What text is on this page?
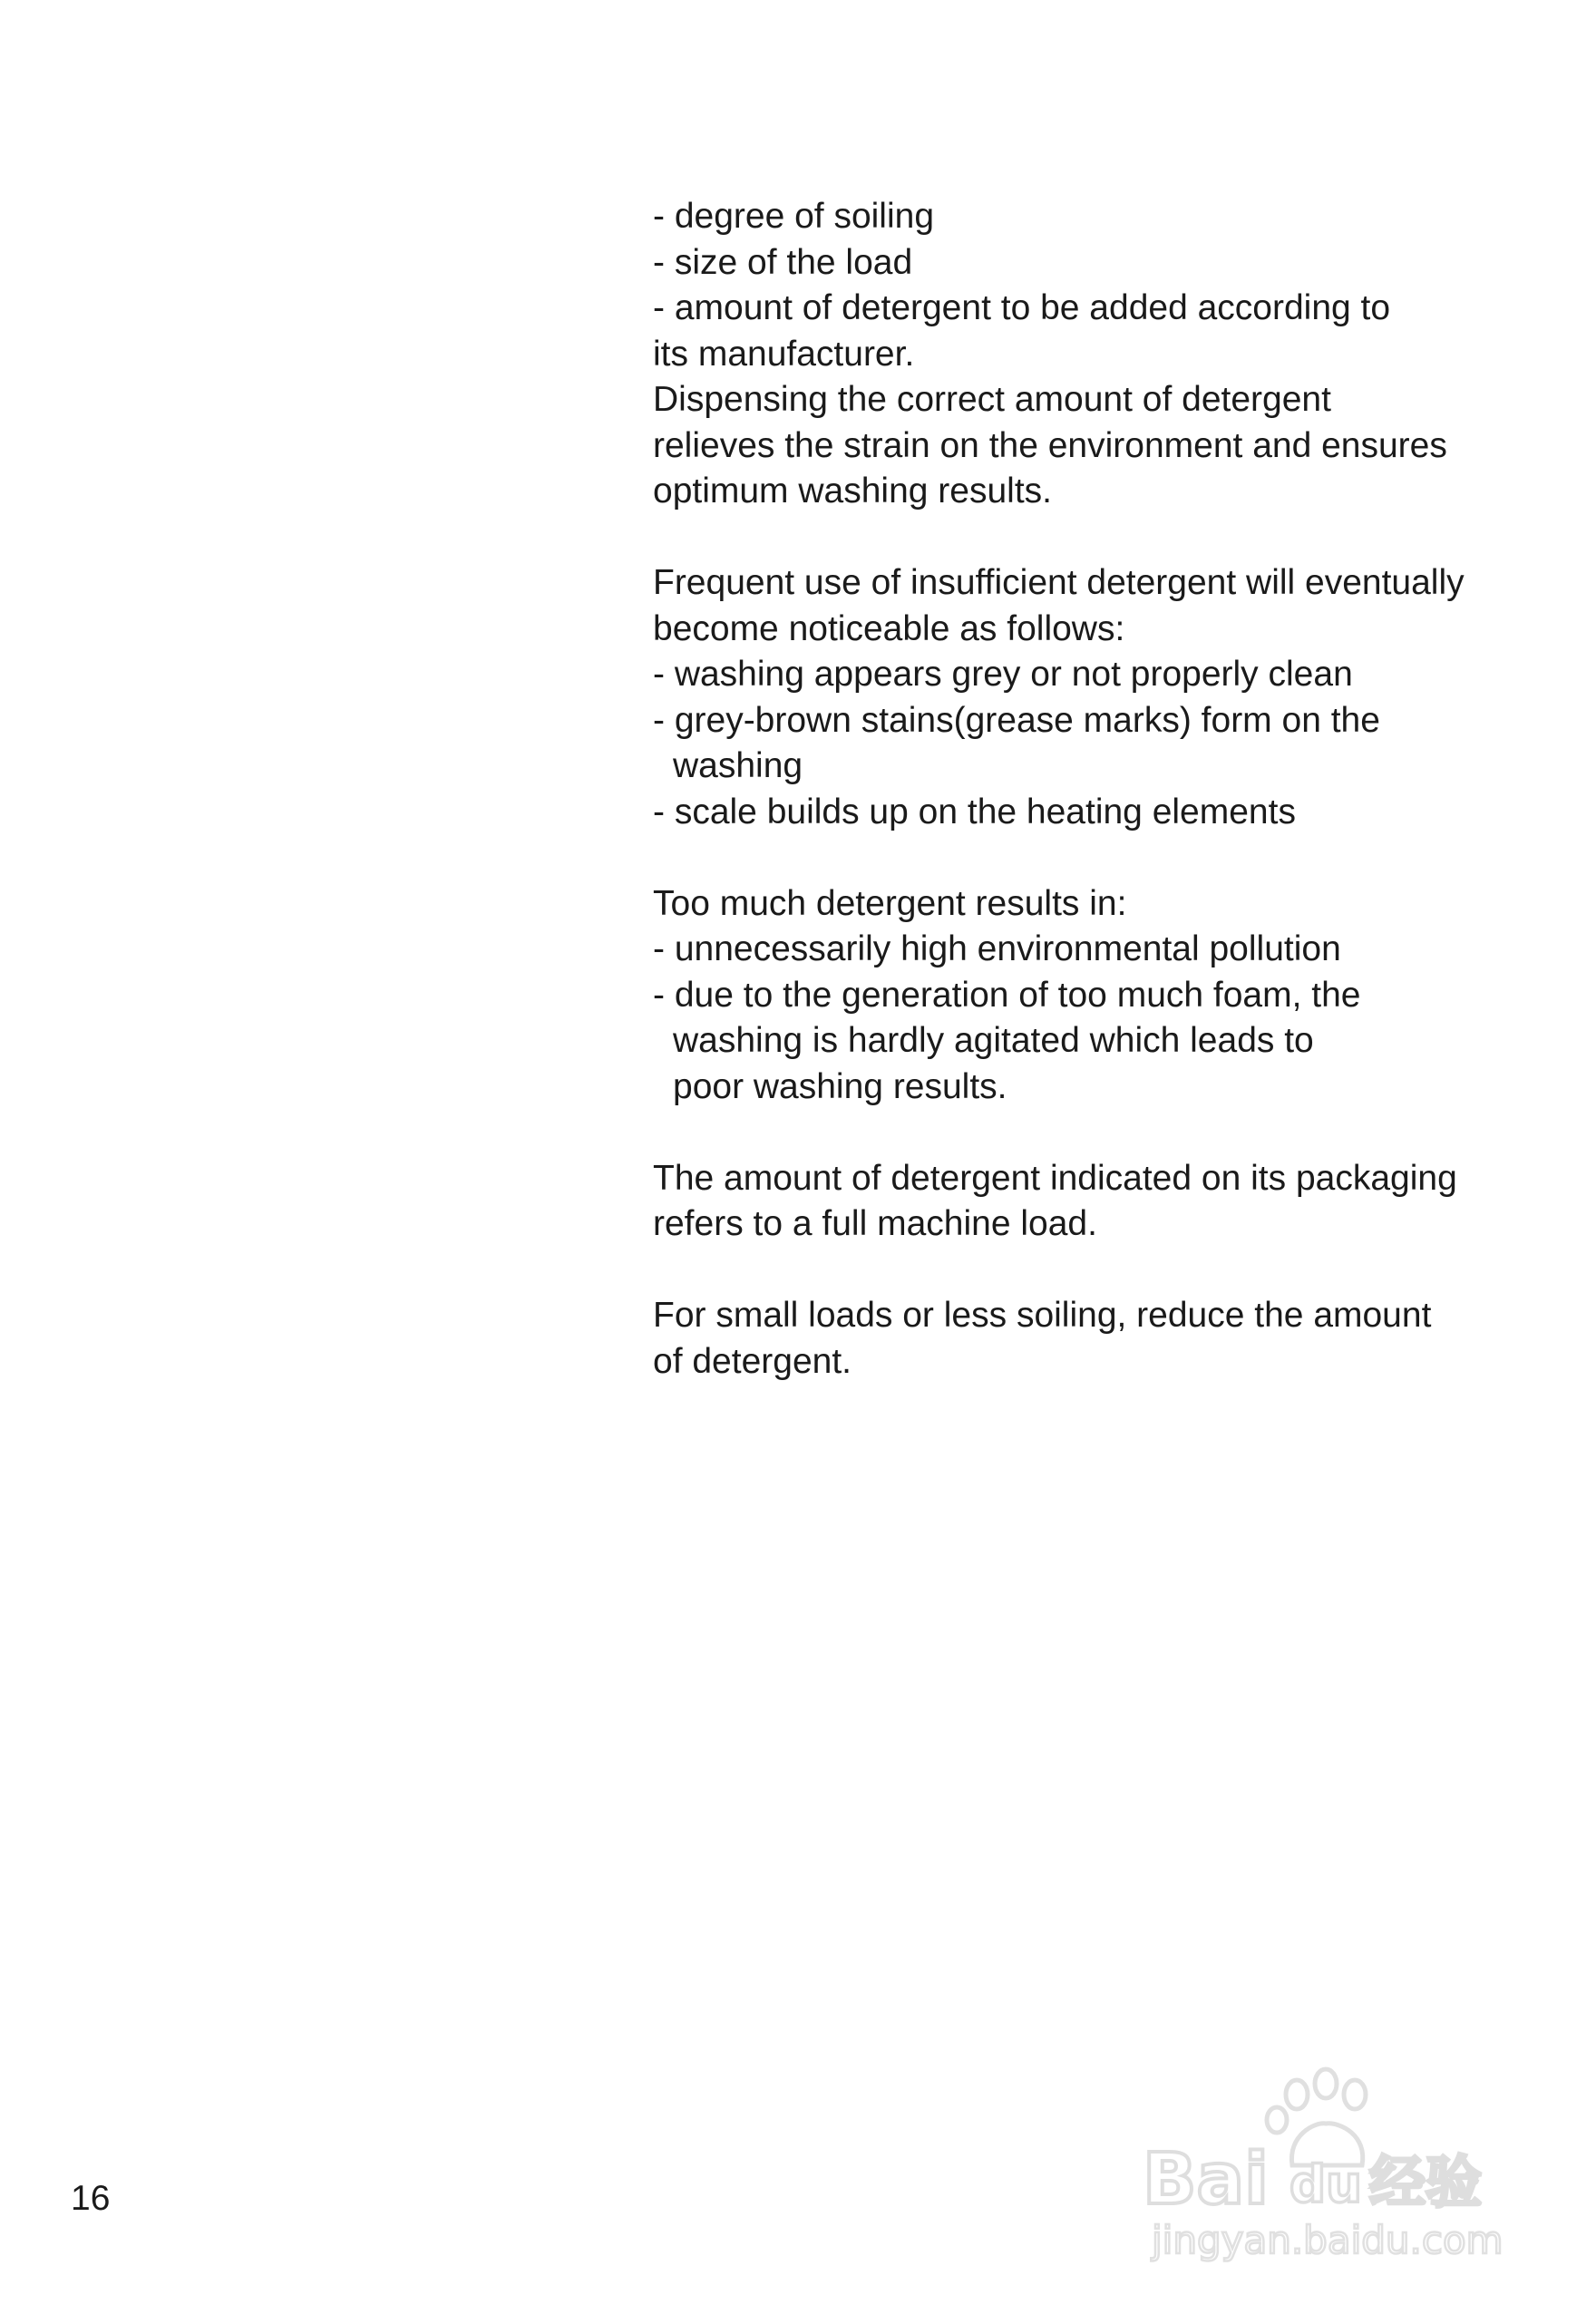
- degree of soiling
- size of the load
- amount of detergent to be added according to
its manufacturer.
Dispensing the correct amount of detergent
relieves the strain on the environment and ensures
optimum washing results.
Frequent use of insufficient detergent will eventually
become noticeable as follows:
- washing appears grey or not properly clean
- grey-brown stains(grease marks) form on the
washing
- scale builds up on the heating elements
Too much detergent results in:
- unnecessarily high environmental pollution
- due to the generation of too much foam, the
washing is hardly agitated which leads to
poor washing results.
The amount of detergent indicated on its packaging
refers to a full machine load.
For small loads or less soiling, reduce the amount
of detergent.
16	Bai du 经验
jingyan.baidu.com
